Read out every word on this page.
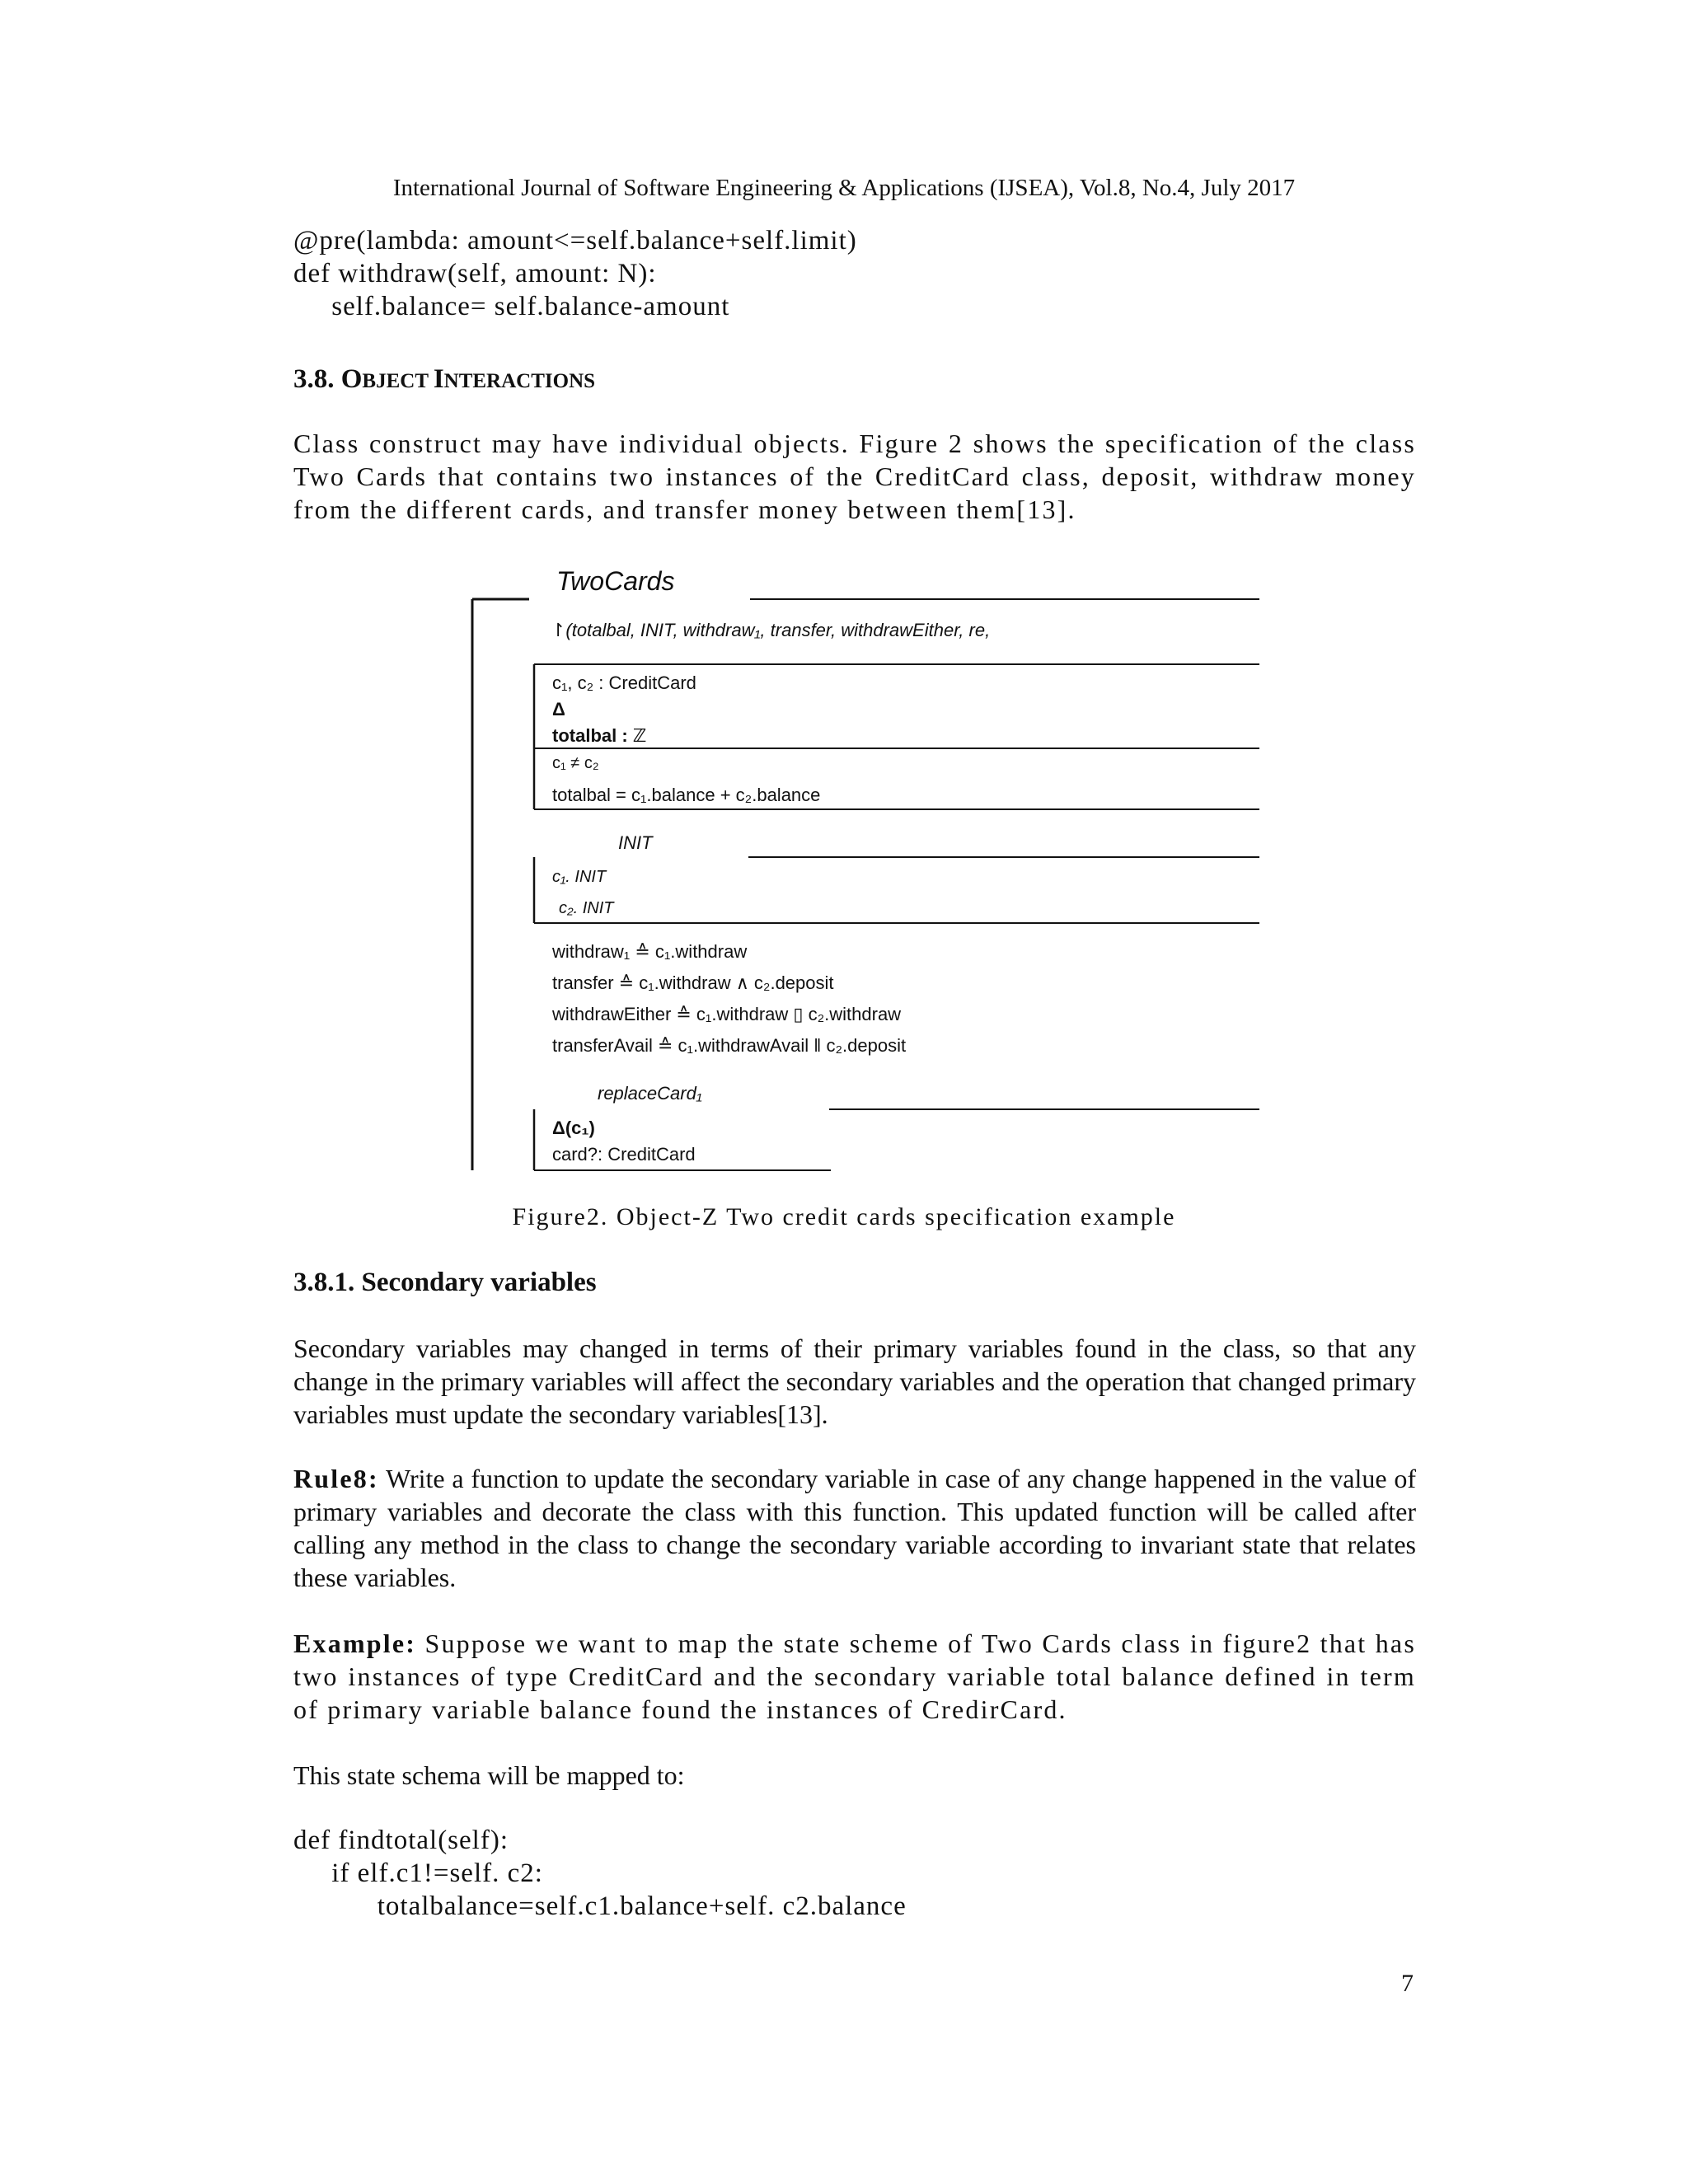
International Journal of Software Engineering & Applications (IJSEA), Vol.8, No.4, July 2017
@pre(lambda: amount<=self.balance+self.limit)
def withdraw(self, amount: N):
self.balance= self.balance-amount
3.8. OBJECT INTERACTIONS
Class construct may have individual objects. Figure 2 shows the specification of the class Two Cards that contains two instances of the CreditCard class, deposit, withdraw money from the different cards, and transfer money between them[13].
TwoCards
↾(totalbal, INIT, withdraw₁, transfer, withdrawEither, re,
c₁, c₂ : CreditCard
Δ
totalbal : ℤ
c₁ ≠ c₂
totalbal = c₁.balance + c₂.balance
INIT
c₁. INIT
c₂. INIT
withdraw₁ ≙ c₁.withdraw
transfer ≙ c₁.withdraw ∧ c₂.deposit
withdrawEither ≙ c₁.withdraw ▯ c₂.withdraw
transferAvail ≙ c₁.withdrawAvail ‖ c₂.deposit
replaceCard₁
Δ(c₁)
card?: CreditCard
Figure2. Object-Z Two credit cards specification example
3.8.1. Secondary variables
Secondary variables may changed in terms of their primary variables found in the class, so that any change in the primary variables will affect the secondary variables and the operation that changed primary variables must update the secondary variables[13].
Rule8: Write a function to update the secondary variable in case of any change happened in the value of primary variables and decorate the class with this function. This updated function will be called after calling any method in the class to change the secondary variable according to invariant state that relates these variables.
Example: Suppose we want to map the state scheme of Two Cards class in figure2 that has two instances of type CreditCard and the secondary variable total balance defined in term of primary variable balance found the instances of CredirCard.
This state schema will be mapped to:
def findtotal(self):
if elf.c1!=self. c2:
totalbalance=self.c1.balance+self. c2.balance
7
